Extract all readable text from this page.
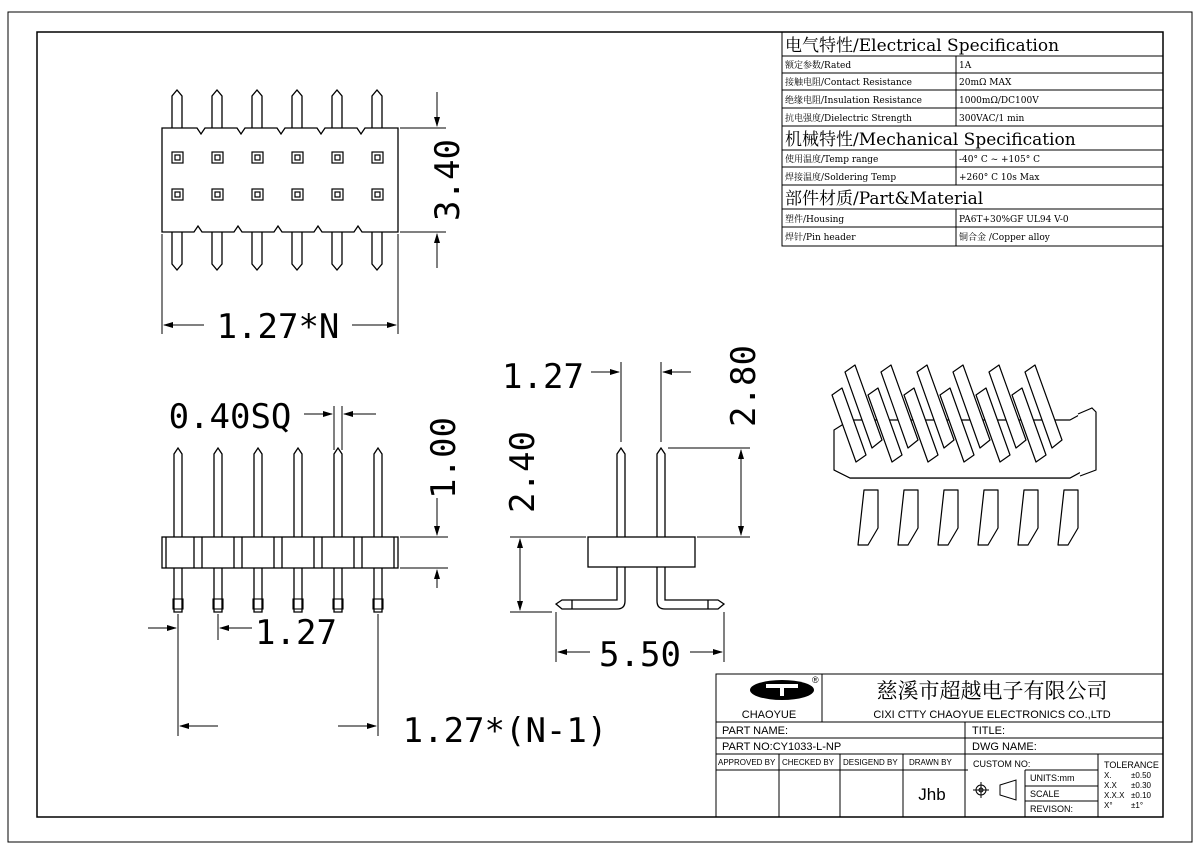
电气特性/Electrical Specification
额定参数/Rated	1A
接触电阻/Contact Resistance	20mΩ MAX
绝缘电阻/Insulation Resistance	1000mΩ/DC100V
抗电强度/Dielectric Strength	300VAC/1 min
机械特性/Mechanical Specification
使用温度/Temp range	-40° C ~ +105° C
焊接温度/Soldering Temp	+260° C 10s Max
部件材质/Part&Material
塑件/Housing	PA6T+30%GF UL94 V-0
焊针/Pin header	铜合金 /Copper alloy
3.40
1.27*N
0.40SQ
1.00
1.27
1.27*(N-1)
1.27	2.80
2.40
5.50
®
CHAOYUE
慈溪市超越电子有限公司
CIXI CTTY CHAOYUE ELECTRONICS CO.,LTD
PART NAME:	TITLE:
PART NO:CY1033-L-NP	DWG NAME:
APPROVED BY CHECKED BY DESIGEND BY DRAWN BY
Jhb
CUSTOM NO:
UNITS:mm
SCALE
REVISON:
TOLERANCE
X. ±0.50
X.X ±0.30
X.X.X ±0.10
X° ±1°
